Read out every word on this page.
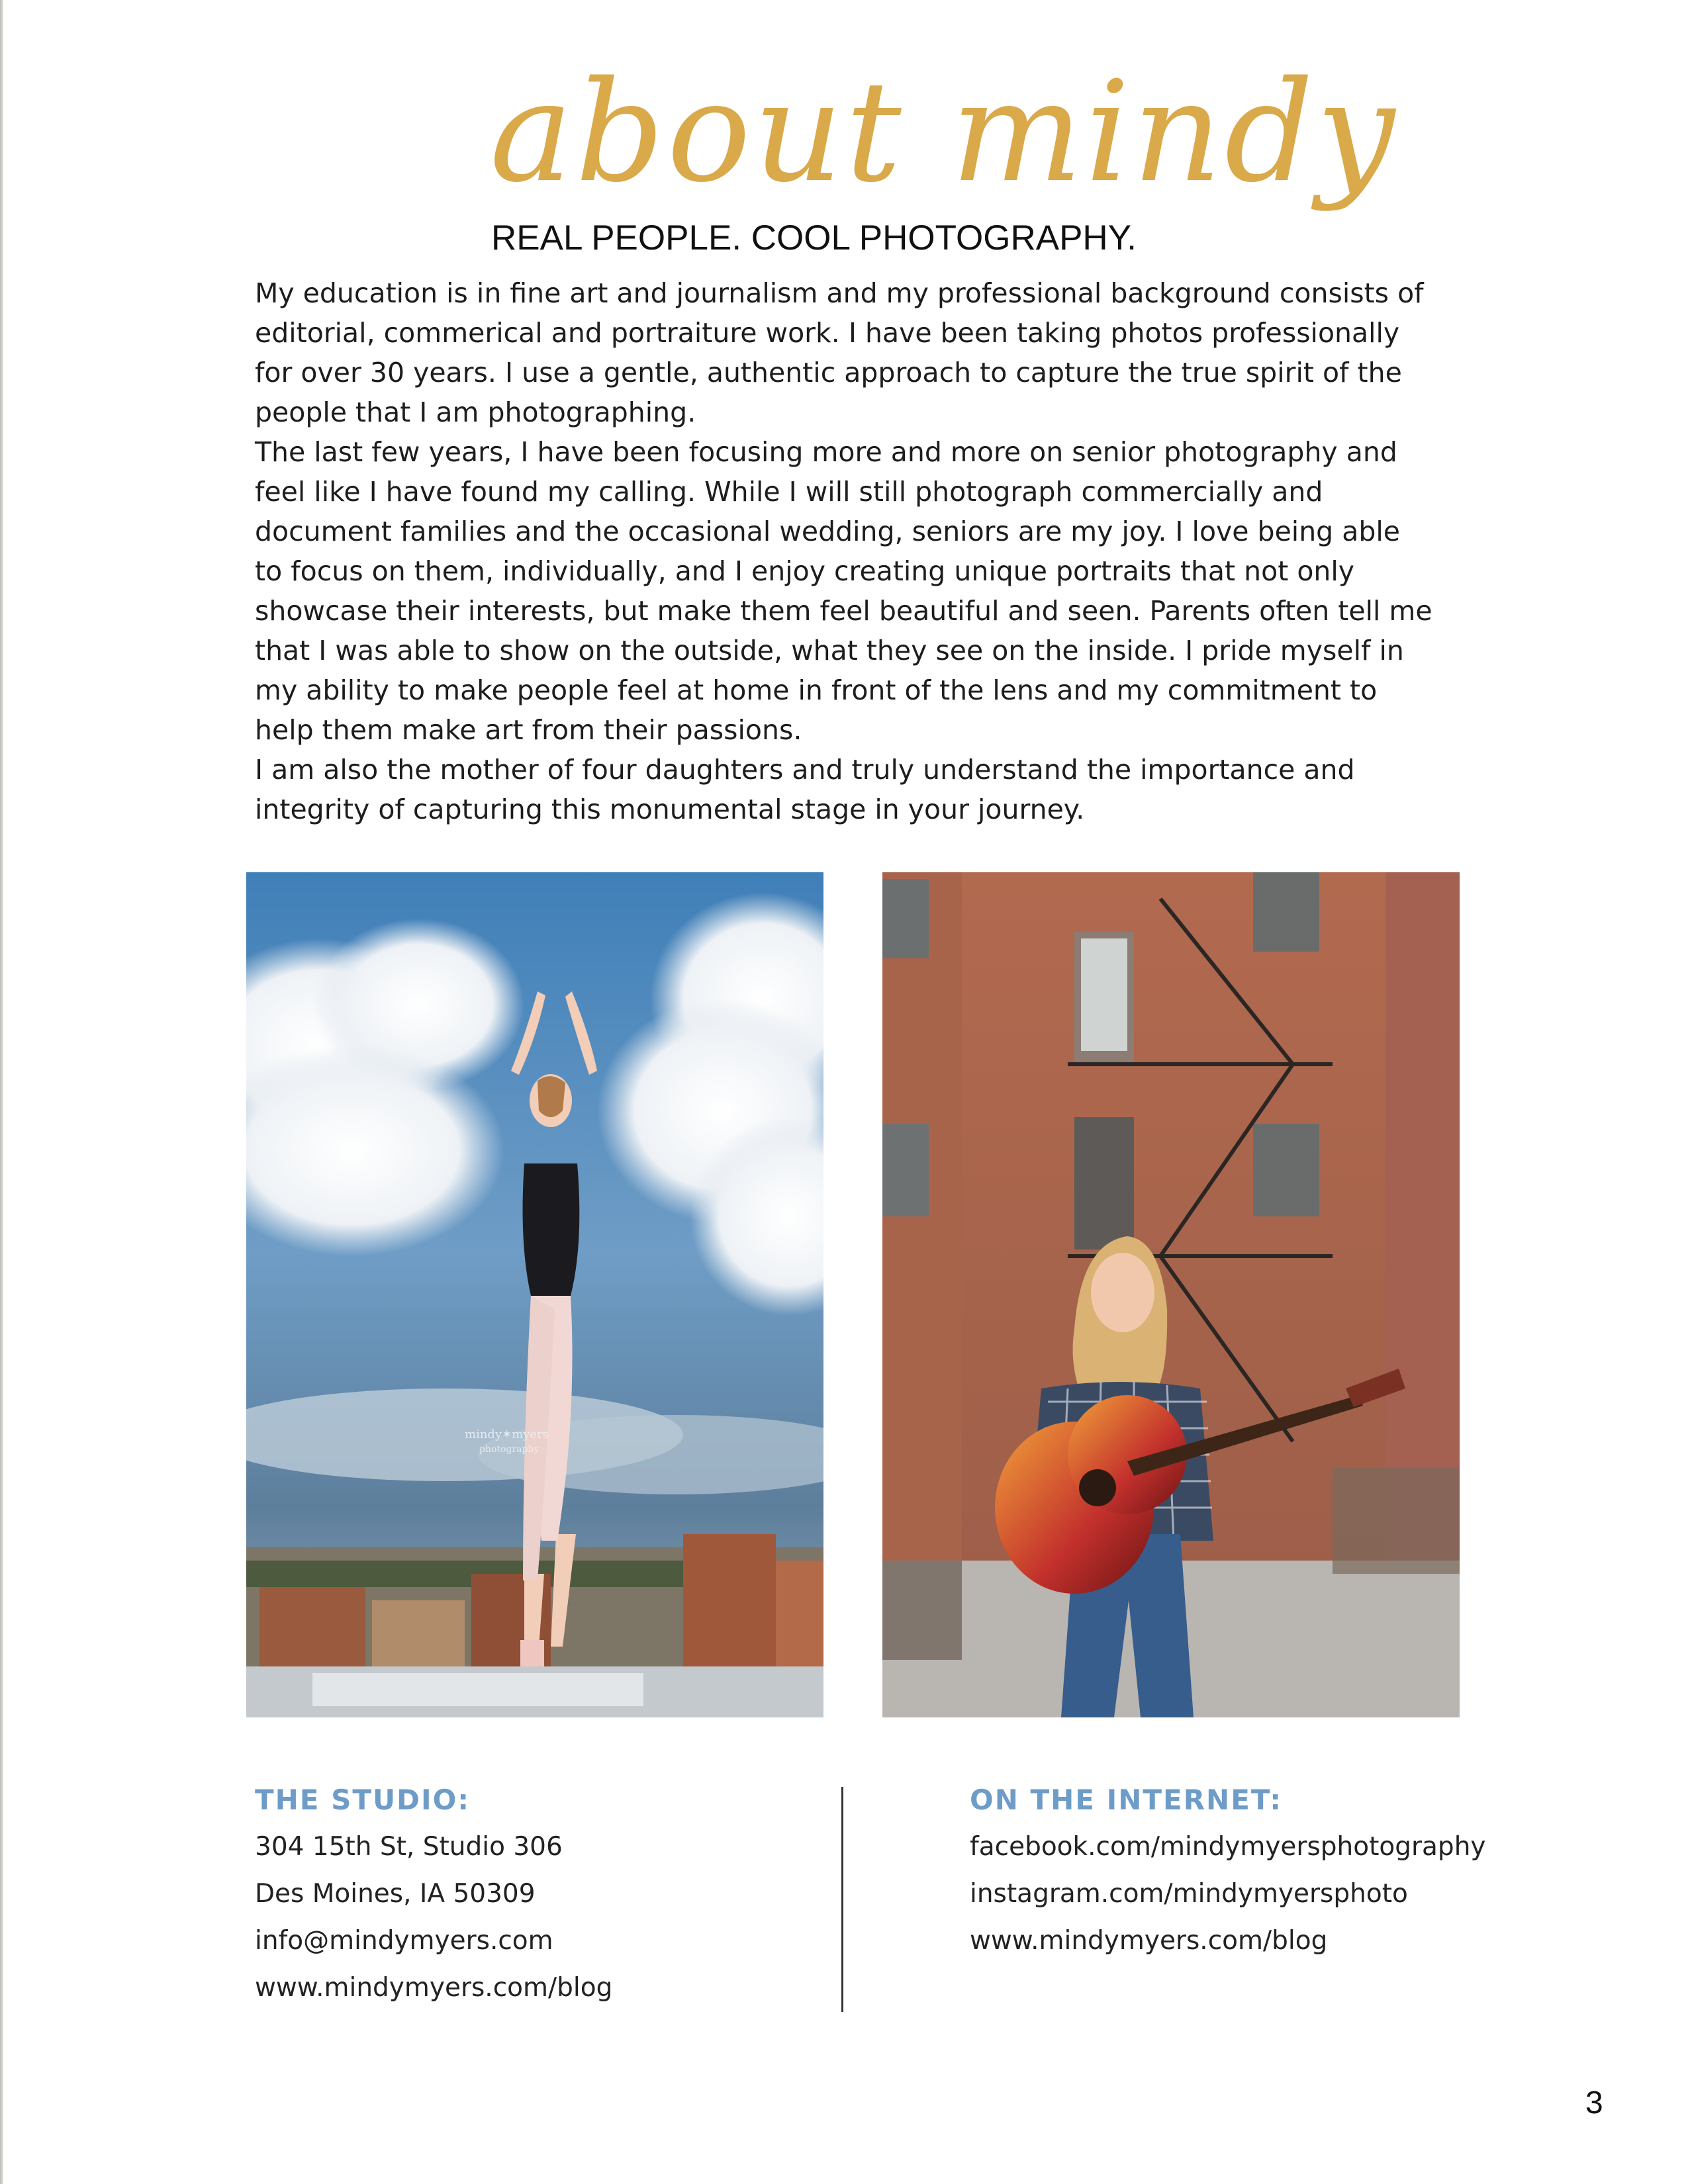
about mindy
REAL PEOPLE. COOL PHOTOGRAPHY.

My education is in fine art and journalism and my professional background consists of editorial, commerical and portraiture work. I have been taking photos professionally for over 30 years. I use a gentle, authentic approach to capture the true spirit of the people that I am photographing.

The last few years, I have been focusing more and more on senior photography and feel like I have found my calling. While I will still photograph commercially and document families and the occasional wedding, seniors are my joy. I love being able to focus on them, individually, and I enjoy creating unique portraits that not only showcase their interests, but make them feel beautiful and seen. Parents often tell me that I was able to show on the outside, what they see on the inside. I pride myself in my ability to make people feel at home in front of the lens and my commitment to help them make art from their passions.

I am also the mother of four daughters and truly understand the importance and integrity of capturing this monumental stage in your journey.

mindy✶myers
photography
THE STUDIO:
304 15th St, Studio 306
Des Moines, IA 50309
info@mindymyers.com
www.mindymyers.com/blog
ON THE INTERNET:
facebook.com/mindymyersphotography
instagram.com/mindymyersphoto
www.mindymyers.com/blog
3
